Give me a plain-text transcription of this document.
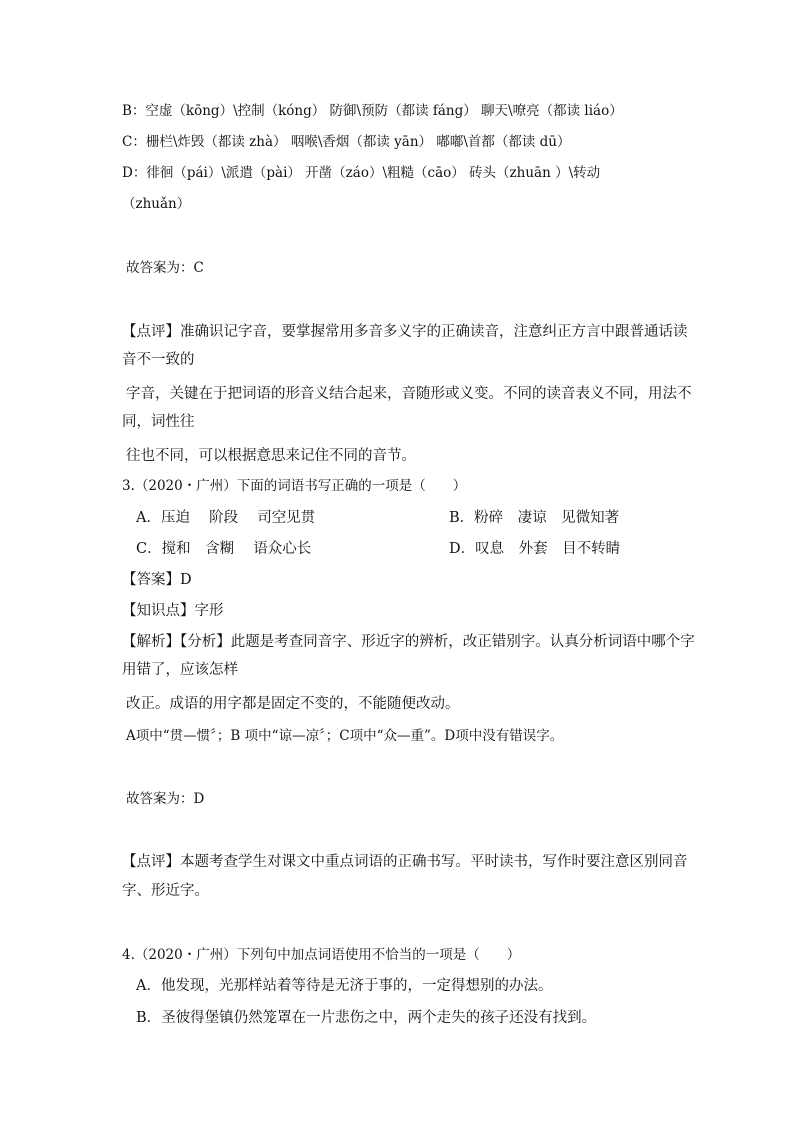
B：空虚（kōng）\控制（kóng） 防御\预防（都读 fáng） 聊天\嘹亮（都读 liáo）
C：栅栏\炸毁（都读 zhà） 咽喉\香烟（都读 yān） 嘟嘟\首都（都读 dū）
D：徘徊（pái）\派遣（pài） 开凿（záo）\粗糙（cāo） 砖头（zhuān ）\转动
（zhuǎn）
故答案为：C
【点评】准确识记字音，要掌握常用多音多义字的正确读音，注意纠正方言中跟普通话读
音不一致的
字音，关键在于把词语的形音义结合起来，音随形或义变。不同的读音表义不同，用法不
同，词性往
往也不同，可以根据意思来记住不同的音节。
3.（2020・广州）下面的词语书写正确的一项是（　　）
A．压迫　 阶段　 司空见贯	B．粉碎　凄谅　见微知著
C．搅和　含糊　 语众心长	D．叹息　外套　目不转睛
【答案】D
【知识点】字形
【解析】【分析】此题是考查同音字、形近字的辨析，改正错别字。认真分析词语中哪个字
用错了，应该怎样
改正。成语的用字都是固定不变的，不能随便改动。
A项中“贯—惯〞；B 项中“谅—凉〞；C项中“众—重”。D项中没有错误字。
故答案为：D
【点评】本题考查学生对课文中重点词语的正确书写。平时读书，写作时要注意区别同音
字、形近字。
4.（2020・广州）下列句中加点词语使用不恰当的一项是（　　）
A．他发现，光那样站着等待是无济于事的，一定得想别的办法。
B．圣彼得堡镇仍然笼罩在一片悲伤之中，两个走失的孩子还没有找到。
